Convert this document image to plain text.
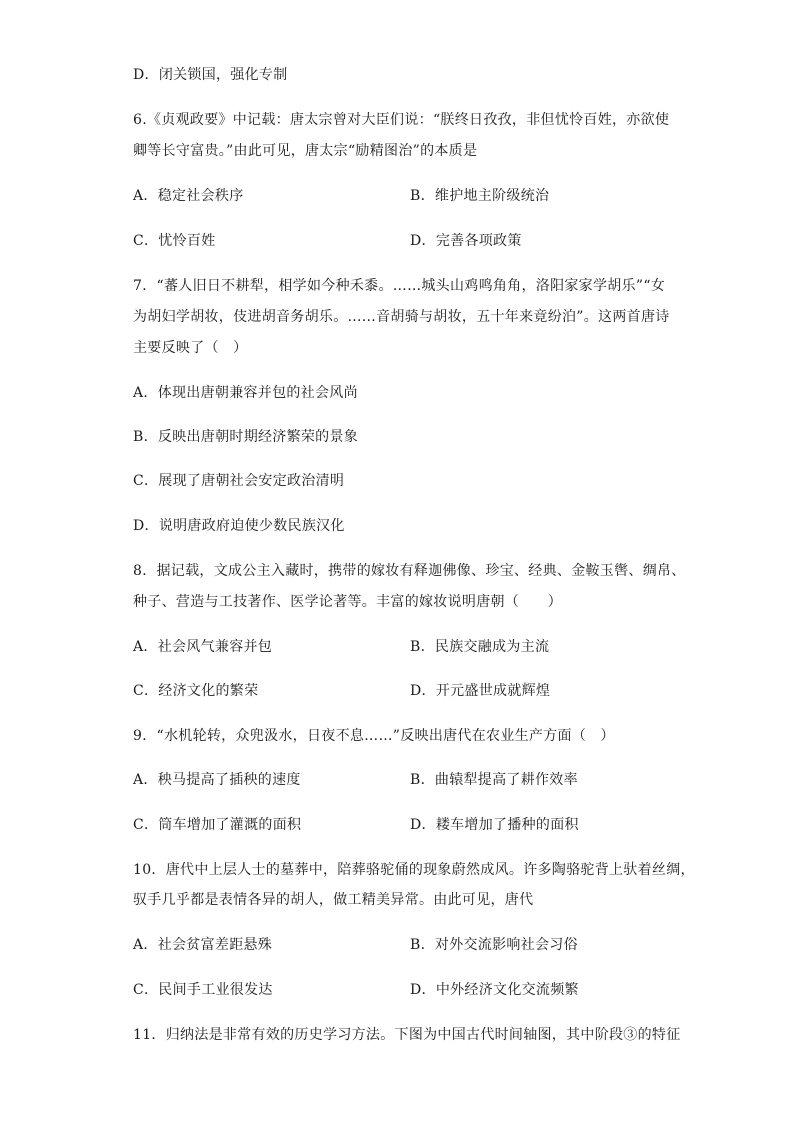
D．闭关锁国，强化专制
6.《贞观政要》中记载：唐太宗曾对大臣们说：“朕终日孜孜，非但忧怜百姓，亦欲使
卿等长守富贵。”由此可见，唐太宗“励精图治”的本质是
A．稳定社会秩序	B．维护地主阶级统治
C．忧怜百姓	D．完善各项政策
7．“蕃人旧日不耕犁，相学如今种禾黍。……城头山鸡鸣角角，洛阳家家学胡乐”“女
为胡妇学胡妆，伎进胡音务胡乐。……音胡骑与胡妆，五十年来竟纷泊”。这两首唐诗
主要反映了（　）
A．体现出唐朝兼容并包的社会风尚
B．反映出唐朝时期经济繁荣的景象
C．展现了唐朝社会安定政治清明
D．说明唐政府迫使少数民族汉化
8．据记载，文成公主入藏时，携带的嫁妆有释迦佛像、珍宝、经典、金鞍玉辔、绸帛、
种子、营造与工技著作、医学论著等。丰富的嫁妆说明唐朝（　　）
A．社会风气兼容并包	B．民族交融成为主流
C．经济文化的繁荣	D．开元盛世成就辉煌
9．“水机轮转，众兜汲水，日夜不息……”反映出唐代在农业生产方面（　）
A．秧马提高了插秧的速度	B．曲辕犁提高了耕作效率
C．筒车增加了灌溉的面积	D．耧车增加了播种的面积
10．唐代中上层人士的墓葬中，陪葬骆驼俑的现象蔚然成风。许多陶骆驼背上驮着丝绸，
驭手几乎都是表情各异的胡人，做工精美异常。由此可见，唐代
A．社会贫富差距悬殊	B．对外交流影响社会习俗
C．民间手工业很发达	D．中外经济文化交流频繁
11．归纳法是非常有效的历史学习方法。下图为中国古代时间轴图，其中阶段③的特征
